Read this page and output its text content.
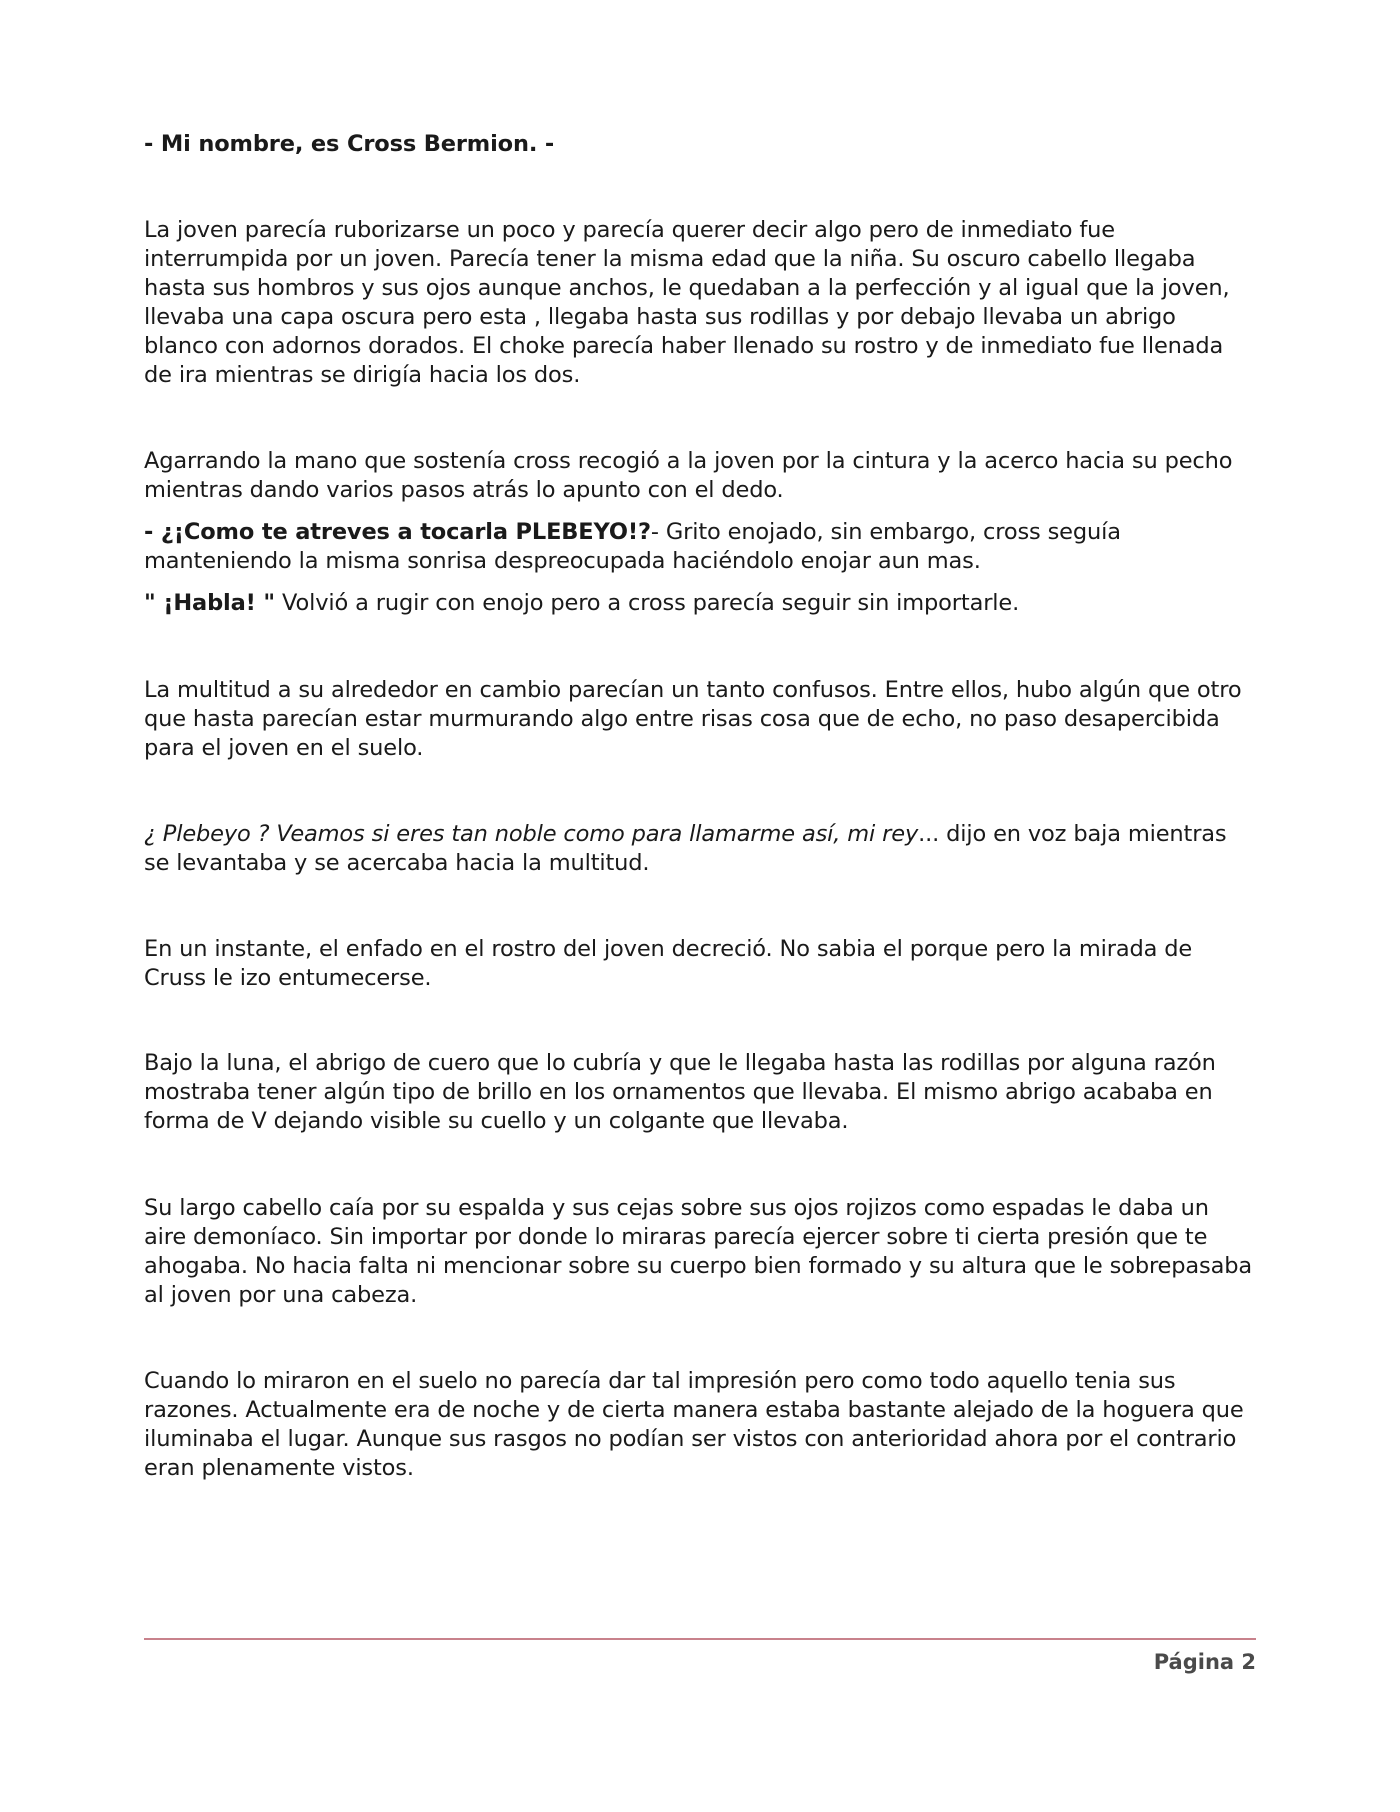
- Mi nombre, es Cross Bermion. -

La joven parecía ruborizarse un poco y parecía querer decir algo pero de inmediato fue interrumpida por un joven. Parecía tener la misma edad que la niña. Su oscuro cabello llegaba hasta sus hombros y sus ojos aunque anchos, le quedaban a la perfección y al igual que la joven, llevaba una capa oscura pero esta , llegaba hasta sus rodillas y por debajo llevaba un abrigo blanco con adornos dorados. El choke parecía haber llenado su rostro y de inmediato fue llenada de ira mientras se dirigía hacia los dos.

Agarrando la mano que sostenía cross recogió a la joven por la cintura y la acerco hacia su pecho mientras dando varios pasos atrás lo apunto con el dedo.

- ¿¡Como te atreves a tocarla PLEBEYO!?- Grito enojado, sin embargo, cross seguía manteniendo la misma sonrisa despreocupada haciéndolo enojar aun mas.

" ¡Habla! " Volvió a rugir con enojo pero a cross parecía seguir sin importarle.

La multitud a su alrededor en cambio parecían un tanto confusos. Entre ellos, hubo algún que otro que hasta parecían estar murmurando algo entre risas cosa que de echo, no paso desapercibida para el joven en el suelo.

¿ Plebeyo ? Veamos si eres tan noble como para llamarme así, mi rey... dijo en voz baja mientras se levantaba y se acercaba hacia la multitud.

En un instante, el enfado en el rostro del joven decreció. No sabia el porque pero la mirada de Cruss le izo entumecerse.

Bajo la luna, el abrigo de cuero que lo cubría y que le llegaba hasta las rodillas por alguna razón mostraba tener algún tipo de brillo en los ornamentos que llevaba. El mismo abrigo acababa en forma de V dejando visible su cuello y un colgante que llevaba.

Su largo cabello caía por su espalda y sus cejas sobre sus ojos rojizos como espadas le daba un aire demoníaco. Sin importar por donde lo miraras parecía ejercer sobre ti cierta presión que te ahogaba. No hacia falta ni mencionar sobre su cuerpo bien formado y su altura que le sobrepasaba al joven por una cabeza.

Cuando lo miraron en el suelo no parecía dar tal impresión pero como todo aquello tenia sus razones. Actualmente era de noche y de cierta manera estaba bastante alejado de la hoguera que iluminaba el lugar. Aunque sus rasgos no podían ser vistos con anterioridad ahora por el contrario eran plenamente vistos.

Página 2
